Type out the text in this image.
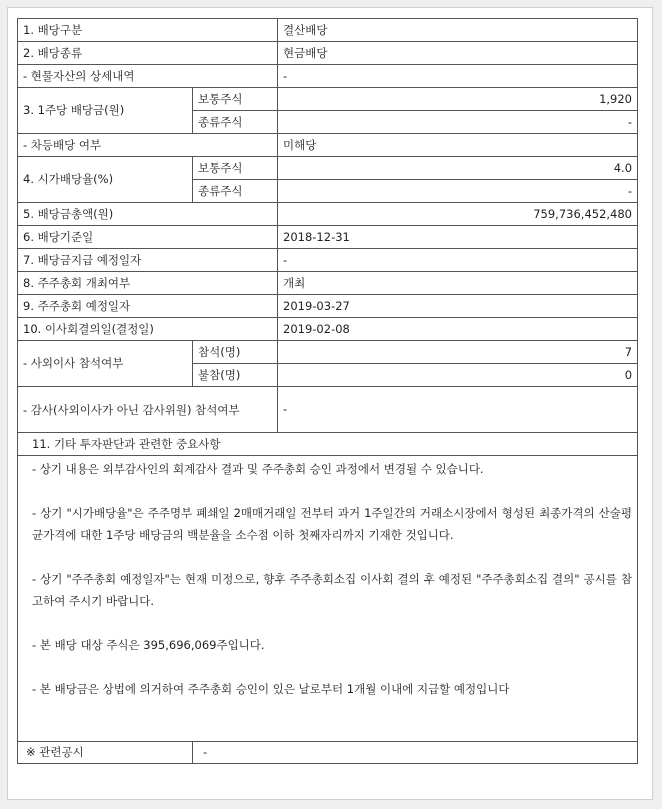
1. 배당구분		결산배당
2. 배당종류		현금배당
- 현물자산의 상세내역		-
3. 1주당 배당금(원)	보통주식	1,920
	종류주식	-
- 차등배당 여부		미해당
4. 시가배당율(%)	보통주식	4.0
	종류주식	-
5. 배당금총액(원)		759,736,452,480
6. 배당기준일		2018-12-31
7. 배당금지급 예정일자		-
8. 주주총회 개최여부		개최
9. 주주총회 예정일자		2019-03-27
10. 이사회결의일(결정일)		2019-02-08
- 사외이사 참석여부	참석(명)	7
	불참(명)	0
- 감사(사외이사가 아닌 감사위원) 참석여부		-
11. 기타 투자판단과 관련한 중요사항		

- 상기 내용은 외부감사인의 회계감사 결과 및 주주총회 승인 과정에서 변경될 수 있습니다.

- 상기 "시가배당율"은 주주명부 폐쇄일 2매매거래일 전부터 과거 1주일간의 거래소시장에서 형성된 최종가격의 산술평균가격에 대한 1주당 배당금의 백분율을 소수점 이하 첫째자리까지 기재한 것입니다.

- 상기 "주주총회 예정일자"는 현재 미정으로, 향후 주주총회소집 이사회 결의 후 예정된 "주주총회소집 결의" 공시를 참고하여 주시기 바랍니다.

- 본 배당 대상 주식은 395,696,069주입니다.

- 본 배당금은 상법에 의거하여 주주총회 승인이 있은 날로부터 1개월 이내에 지급할 예정입니다		

※ 관련공시	-	
